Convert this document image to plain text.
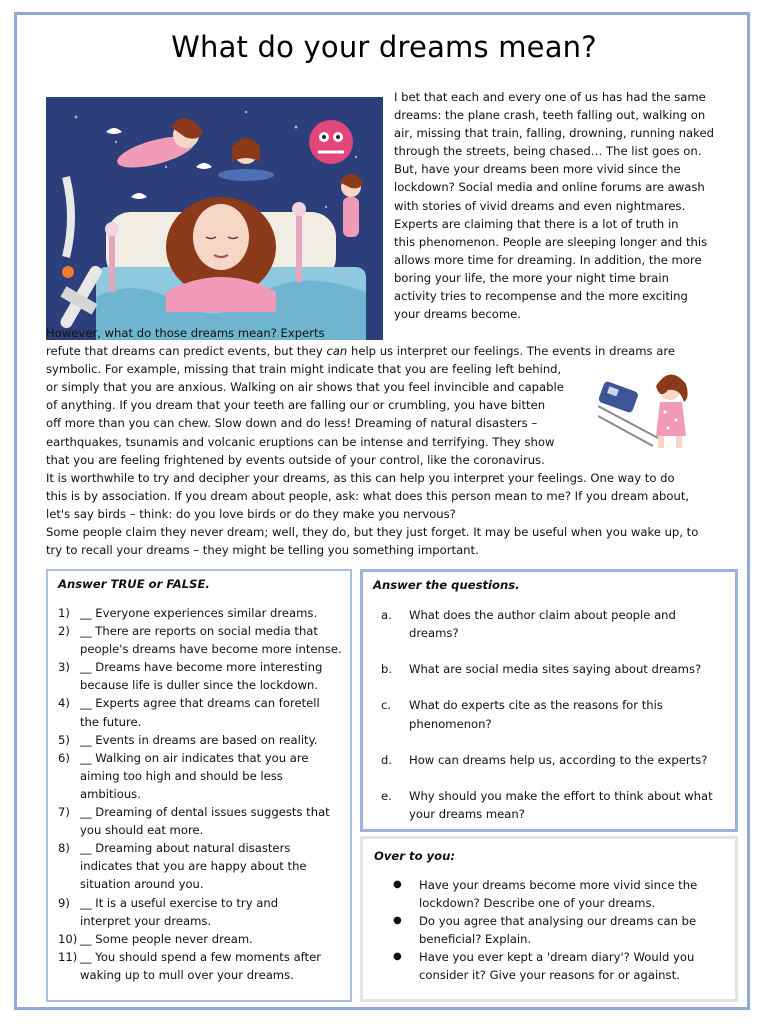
What do your dreams mean?
I bet that each and every one of us has had the same
dreams: the plane crash, teeth falling out, walking on
air, missing that train, falling, drowning, running naked
through the streets, being chased… The list goes on.
But, have your dreams been more vivid since the
lockdown? Social media and online forums are awash
with stories of vivid dreams and even nightmares.
Experts are claiming that there is a lot of truth in
this phenomenon. People are sleeping longer and this
allows more time for dreaming. In addition, the more
boring your life, the more your night time brain
activity tries to recompense and the more exciting
your dreams become.
However, what do those dreams mean? Experts
refute that dreams can predict events, but they can help us interpret our feelings. The events in dreams are
symbolic. For example, missing that train might indicate that you are feeling left behind,
or simply that you are anxious. Walking on air shows that you feel invincible and capable
of anything. If you dream that your teeth are falling our or crumbling, you have bitten
off more than you can chew. Slow down and do less! Dreaming of natural disasters –
earthquakes, tsunamis and volcanic eruptions can be intense and terrifying. They show
that you are feeling frightened by events outside of your control, like the coronavirus.
It is worthwhile to try and decipher your dreams, as this can help you interpret your feelings. One way to do
this is by association. If you dream about people, ask: what does this person mean to me? If you dream about,
let's say birds – think: do you love birds or do they make you nervous?
Some people claim they never dream; well, they do, but they just forget. It may be useful when you wake up, to
try to recall your dreams – they might be telling you something important.
Answer TRUE or FALSE.
1) __ Everyone experiences similar dreams.
2) __ There are reports on social media that
people's dreams have become more intense.
3) __ Dreams have become more interesting
because life is duller since the lockdown.
4) __ Experts agree that dreams can foretell
the future.
5) __ Events in dreams are based on reality.
6) __ Walking on air indicates that you are
aiming too high and should be less
ambitious.
7) __ Dreaming of dental issues suggests that
you should eat more.
8) __ Dreaming about natural disasters
indicates that you are happy about the
situation around you.
9) __ It is a useful exercise to try and
interpret your dreams.
10) __ Some people never dream.
11) __ You should spend a few moments after
waking up to mull over your dreams.
Answer the questions.
a.	What does the author claim about people and
dreams?
b.	What are social media sites saying about dreams?
c.	What do experts cite as the reasons for this
phenomenon?
d.	How can dreams help us, according to the experts?
e.	Why should you make the effort to think about what
your dreams mean?
Over to you:
●	Have your dreams become more vivid since the
lockdown? Describe one of your dreams.
●	Do you agree that analysing our dreams can be
beneficial? Explain.
●	Have you ever kept a 'dream diary'? Would you
consider it? Give your reasons for or against.
